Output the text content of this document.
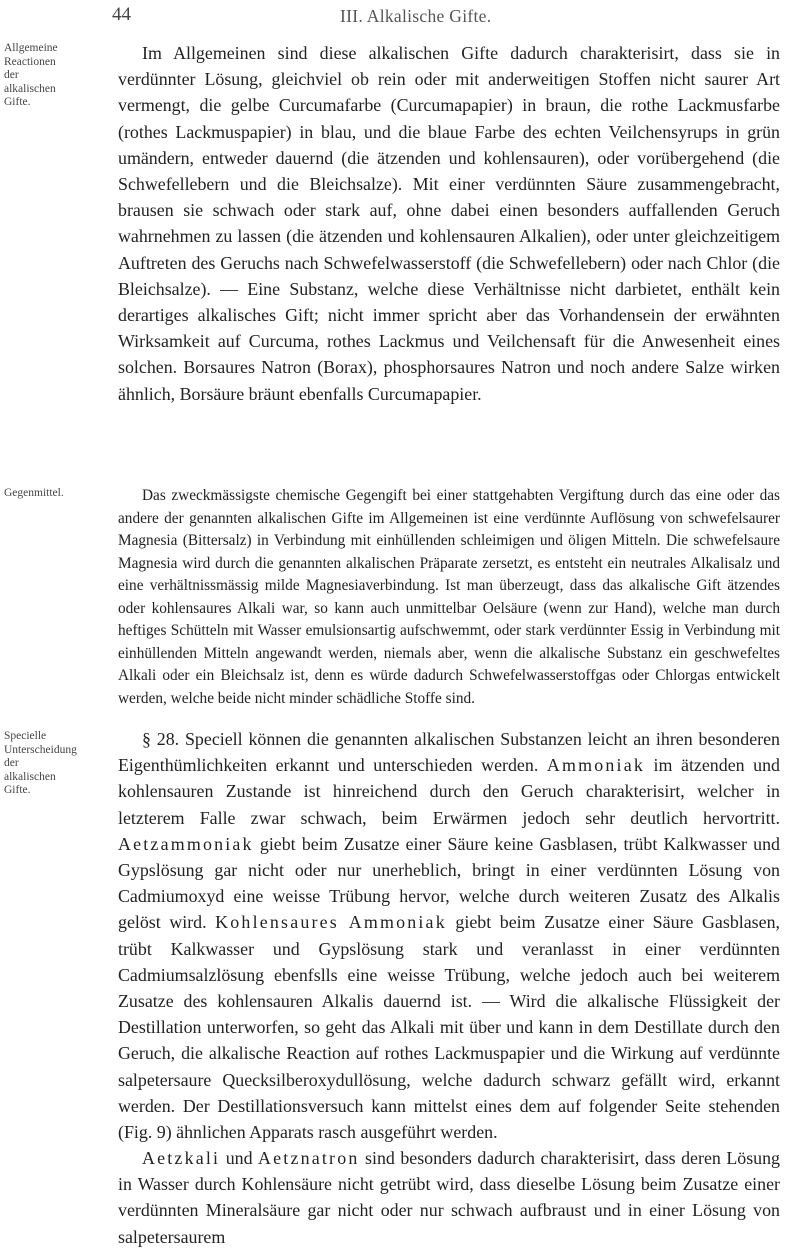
44	III. Alkalische Gifte.
Allgemeine Reactionen der alkalischen Gifte.
Gegenmittel.
Specielle Unterscheidung der alkalischen Gifte.

Im Allgemeinen sind diese alkalischen Gifte dadurch charakterisirt, dass sie in verdünnter Lösung, gleichviel ob rein oder mit anderweitigen Stoffen nicht saurer Art vermengt, die gelbe Curcumafarbe (Curcumapapier) in braun, die rothe Lackmusfarbe (rothes Lackmuspapier) in blau, und die blaue Farbe des echten Veilchensyrups in grün umändern, entweder dauernd (die ätzenden und kohlensauren), oder vorübergehend (die Schwefellebern und die Bleichsalze). Mit einer verdünnten Säure zusammengebracht, brausen sie schwach oder stark auf, ohne dabei einen besonders auffallenden Geruch wahrnehmen zu lassen (die ätzenden und kohlensauren Alkalien), oder unter gleichzeitigem Auftreten des Geruchs nach Schwefelwasserstoff (die Schwefellebern) oder nach Chlor (die Bleichsalze). — Eine Substanz, welche diese Verhältnisse nicht darbietet, enthält kein derartiges alkalisches Gift; nicht immer spricht aber das Vorhandensein der erwähnten Wirksamkeit auf Curcuma, rothes Lackmus und Veilchensaft für die Anwesenheit eines solchen. Borsaures Natron (Borax), phosphorsaures Natron und noch andere Salze wirken ähnlich, Borsäure bräunt ebenfalls Curcumapapier.

Das zweckmässigste chemische Gegengift bei einer stattgehabten Vergiftung durch das eine oder das andere der genannten alkalischen Gifte im Allgemeinen ist eine verdünnte Auflösung von schwefelsaurer Magnesia (Bittersalz) in Verbindung mit einhüllenden schleimigen und öligen Mitteln. Die schwefelsaure Magnesia wird durch die genannten alkalischen Präparate zersetzt, es entsteht ein neutrales Alkalisalz und eine verhältnissmässig milde Magnesiaverbindung. Ist man überzeugt, dass das alkalische Gift ätzendes oder kohlensaures Alkali war, so kann auch unmittelbar Oelsäure (wenn zur Hand), welche man durch heftiges Schütteln mit Wasser emulsionsartig aufschwemmt, oder stark verdünnter Essig in Verbindung mit einhüllenden Mitteln angewandt werden, niemals aber, wenn die alkalische Substanz ein geschwefeltes Alkali oder ein Bleichsalz ist, denn es würde dadurch Schwefelwasserstoffgas oder Chlorgas entwickelt werden, welche beide nicht minder schädliche Stoffe sind.

§ 28. Speciell können die genannten alkalischen Substanzen leicht an ihren besonderen Eigenthümlichkeiten erkannt und unterschieden werden. Ammoniak im ätzenden und kohlensauren Zustande ist hinreichend durch den Geruch charakterisirt, welcher in letzterem Falle zwar schwach, beim Erwärmen jedoch sehr deutlich hervortritt. Aetzammoniak giebt beim Zusatze einer Säure keine Gasblasen, trübt Kalkwasser und Gypslösung gar nicht oder nur unerheblich, bringt in einer verdünnten Lösung von Cadmiumoxyd eine weisse Trübung hervor, welche durch weiteren Zusatz des Alkalis gelöst wird. Kohlensaures Ammoniak giebt beim Zusatze einer Säure Gasblasen, trübt Kalkwasser und Gypslösung stark und veranlasst in einer verdünnten Cadmiumsalzlösung ebenfslls eine weisse Trübung, welche jedoch auch bei weiterem Zusatze des kohlensauren Alkalis dauernd ist. — Wird die alkalische Flüssigkeit der Destillation unterworfen, so geht das Alkali mit über und kann in dem Destillate durch den Geruch, die alkalische Reaction auf rothes Lackmuspapier und die Wirkung auf verdünnte salpetersaure Quecksilberoxydullösung, welche dadurch schwarz gefällt wird, erkannt werden. Der Destillationsversuch kann mittelst eines dem auf folgender Seite stehenden (Fig. 9) ähnlichen Apparats rasch ausgeführt werden.

Aetzkali und Aetznatron sind besonders dadurch charakterisirt, dass deren Lösung in Wasser durch Kohlensäure nicht getrübt wird, dass dieselbe Lösung beim Zusatze einer verdünnten Mineralsäure gar nicht oder nur schwach aufbraust und in einer Lösung von salpetersaurem
